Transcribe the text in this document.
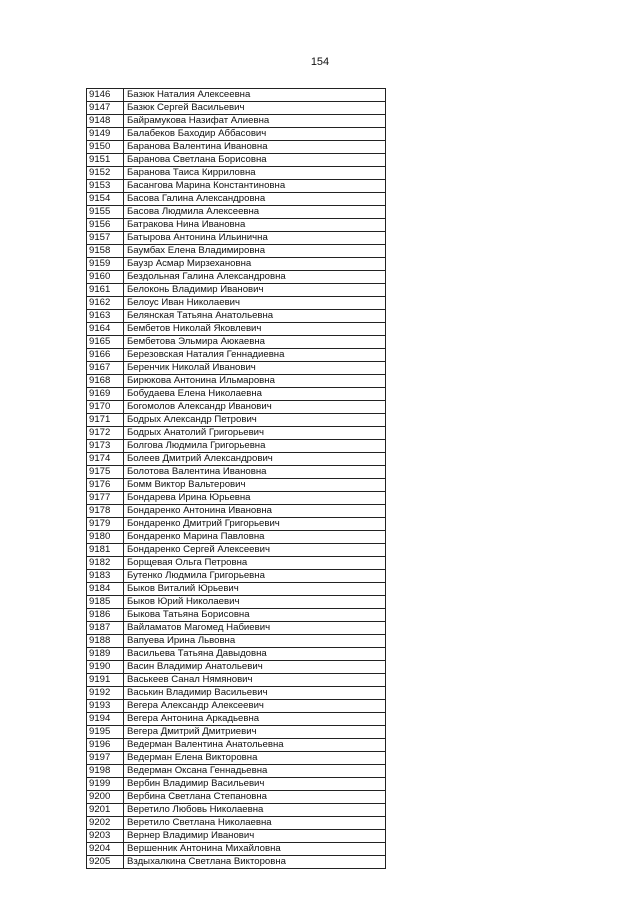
154
9146	Базюк Наталия Алексеевна
9147	Базюк Сергей Васильевич
9148	Байрамукова Назифат Алиевна
9149	Балабеков Баходир Аббасович
9150	Баранова Валентина Ивановна
9151	Баранова Светлана Борисовна
9152	Баранова Таиса Кирриловна
9153	Басангова Марина Константиновна
9154	Басова Галина Александровна
9155	Басова Людмила Алексеевна
9156	Батракова Нина Ивановна
9157	Батырова Антонина Ильинична
9158	Баумбах Елена Владимировна
9159	Баузр Асмар Мирзехановна
9160	Бездольная Галина Александровна
9161	Белоконь Владимир Иванович
9162	Белоус Иван Николаевич
9163	Белянская Татьяна Анатольевна
9164	Бембетов Николай Яковлевич
9165	Бембетова Эльмира Аюкаевна
9166	Березовская Наталия Геннадиевна
9167	Беренчик Николай Иванович
9168	Бирюкова Антонина Ильмаровна
9169	Бобудаева Елена Николаевна
9170	Богомолов Александр Иванович
9171	Бодрых Александр Петрович
9172	Бодрых Анатолий Григорьевич
9173	Болгова Людмила Григорьевна
9174	Болеев Дмитрий Александрович
9175	Болотова Валентина Ивановна
9176	Бомм Виктор Вальтерович
9177	Бондарева Ирина Юрьевна
9178	Бондаренко Антонина Ивановна
9179	Бондаренко Дмитрий Григорьевич
9180	Бондаренко Марина Павловна
9181	Бондаренко Сергей Алексеевич
9182	Борщевая Ольга Петровна
9183	Бутенко Людмила Григорьевна
9184	Быков Виталий Юрьевич
9185	Быков Юрий Николаевич
9186	Быкова Татьяна Борисовна
9187	Вайламатов Магомед Набиевич
9188	Вапуева Ирина Львовна
9189	Васильева Татьяна Давыдовна
9190	Васин Владимир Анатольевич
9191	Васькеев Санал Нямянович
9192	Васькин Владимир Васильевич
9193	Вегера Александр Алексеевич
9194	Вегера Антонина Аркадьевна
9195	Вегера Дмитрий Дмитриевич
9196	Ведерман Валентина Анатольевна
9197	Ведерман Елена Викторовна
9198	Ведерман Оксана Геннадьевна
9199	Вербин Владимир Васильевич
9200	Вербина Светлана Степановна
9201	Веретило Любовь Николаевна
9202	Веретило Светлана Николаевна
9203	Вернер Владимир Иванович
9204	Вершенник Антонина Михайловна
9205	Вздыхалкина Светлана Викторовна
